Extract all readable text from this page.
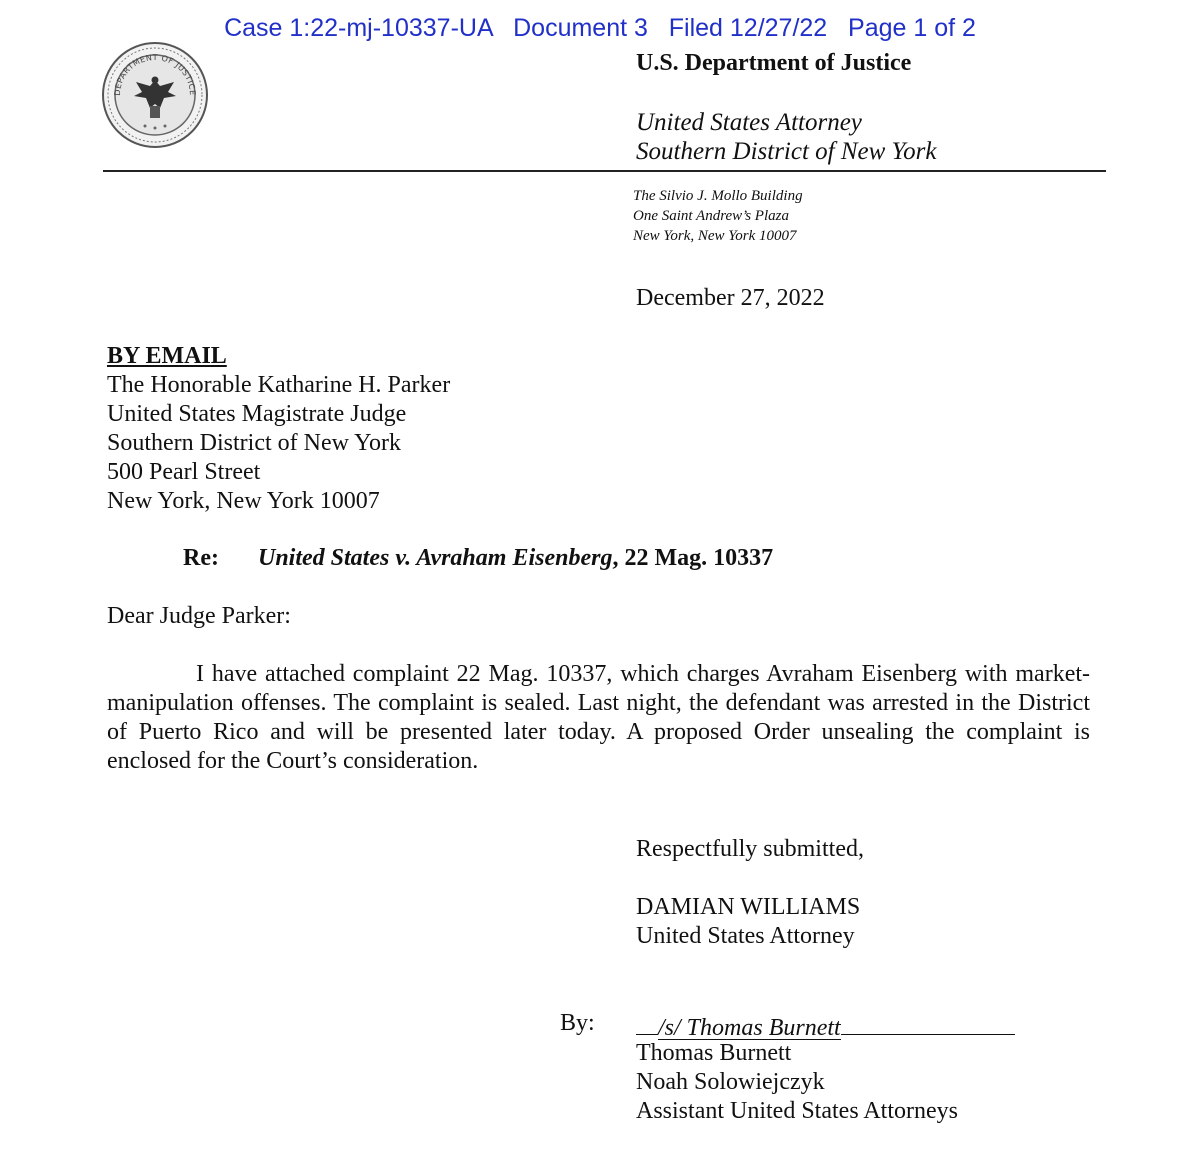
Case 1:22-mj-10337-UA Document 3 Filed 12/27/22 Page 1 of 2
DEPARTMENT OF JUSTICE
U.S. Department of Justice
United States Attorney
Southern District of New York
The Silvio J. Mollo Building
One Saint Andrew’s Plaza
New York, New York 10007
December 27, 2022
BY EMAIL
The Honorable Katharine H. Parker
United States Magistrate Judge
Southern District of New York
500 Pearl Street
New York, New York 10007
Re: United States v. Avraham Eisenberg, 22 Mag. 10337
Dear Judge Parker:

I have attached complaint 22 Mag. 10337, which charges Avraham Eisenberg with market- manipulation offenses. The complaint is sealed. Last night, the defendant was arrested in the District of Puerto Rico and will be presented later today. A proposed Order unsealing the complaint is enclosed for the Court’s consideration.

Respectfully submitted,
DAMIAN WILLIAMS
United States Attorney
By:	/s/ Thomas Burnett
Thomas Burnett
Noah Solowiejczyk
Assistant United States Attorneys
